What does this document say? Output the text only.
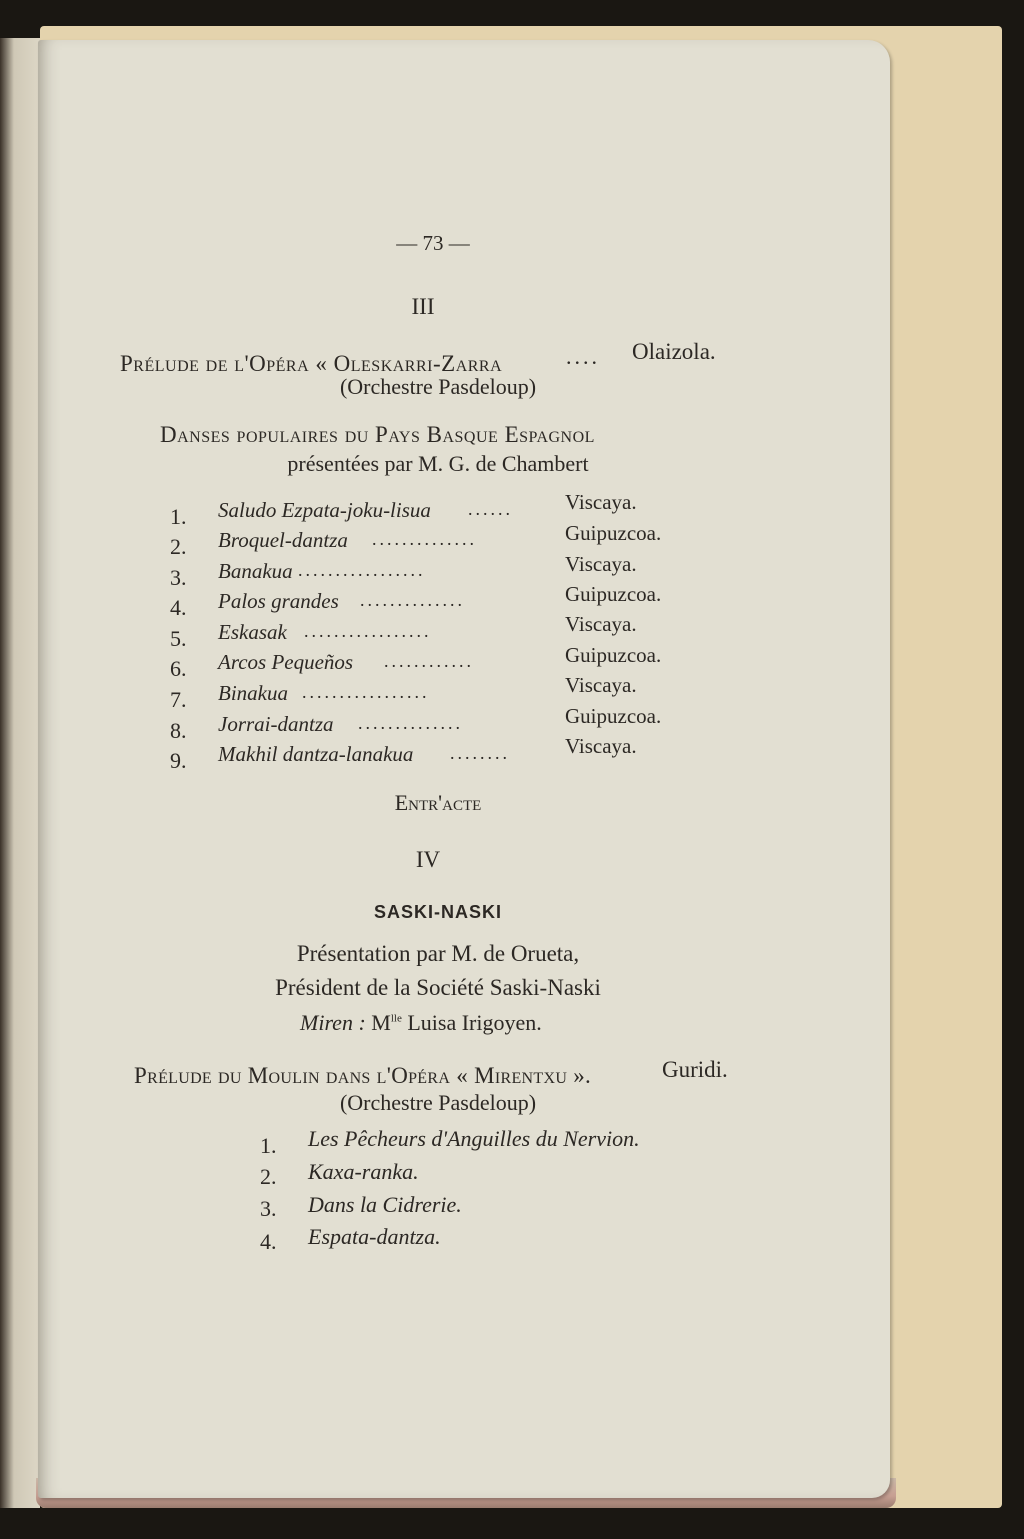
— 73 —
III
Prélude de l'Opéra « Oleskarri-Zarra	.... Olaizola.
(Orchestre Pasdeloup)
Danses populaires du Pays Basque Espagnol
présentées par M. G. de Chambert
1. Saludo Ezpata-joku-lisua ...... Viscaya.
2. Broquel-dantza ..............	Guipuzcoa.
3. Banakua .................	Viscaya.
4. Palos grandes ..............	Guipuzcoa.
5. Eskasak .................	Viscaya.
6. Arcos Pequeños ............	Guipuzcoa.
7. Binakua .................	Viscaya.
8. Jorrai-dantza ..............	Guipuzcoa.
9. Makhil dantza-lanakua ........	Viscaya.
Entr'acte
IV
SASKI-NASKI
Présentation par M. de Orueta,
Président de la Société Saski-Naski
Miren : $M^{lle}$ Luisa Irigoyen.
Prélude du Moulin dans l'Opéra « Mirentxu ».	Guridi.
(Orchestre Pasdeloup)
1. Les Pêcheurs d'Anguilles du Nervion.
2. Kaxa-ranka.
3. Dans la Cidrerie.
4. Espata-dantza.
